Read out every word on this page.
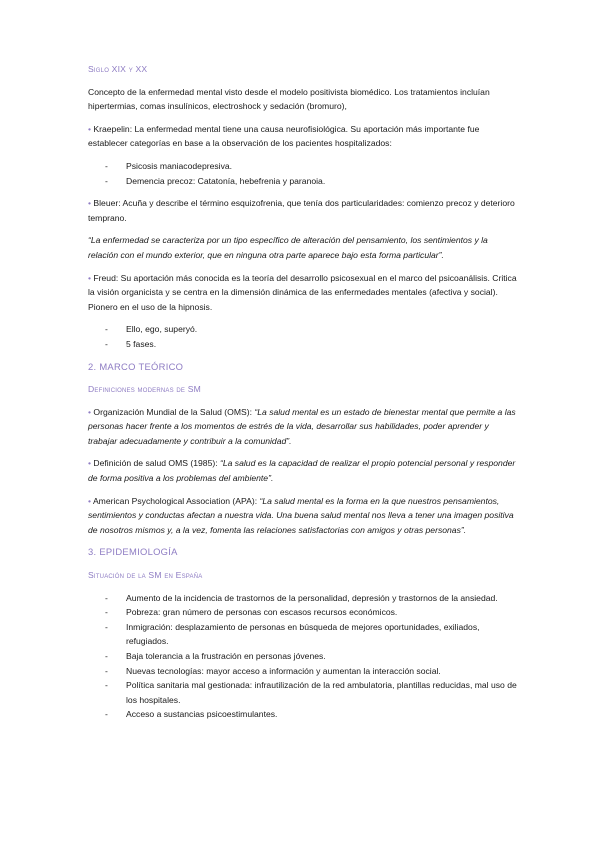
Siglo XIX y XX

Concepto de la enfermedad mental visto desde el modelo positivista biomédico. Los tratamientos incluían hipertermias, comas insulínicos, electroshock y sedación (bromuro),

• Kraepelin: La enfermedad mental tiene una causa neurofisiológica. Su aportación más importante fue establecer categorías en base a la observación de los pacientes hospitalizados:

- Psicosis maniacodepresiva.
- Demencia precoz: Catatonía, hebefrenia y paranoia.

• Bleuer: Acuña y describe el término esquizofrenia, que tenía dos particularidades: comienzo precoz y deterioro temprano.

“La enfermedad se caracteriza por un tipo específico de alteración del pensamiento, los sentimientos y la relación con el mundo exterior, que en ninguna otra parte aparece bajo esta forma particular”.

• Freud: Su aportación más conocida es la teoría del desarrollo psicosexual en el marco del psicoanálisis. Critica la visión organicista y se centra en la dimensión dinámica de las enfermedades mentales (afectiva y social). Pionero en el uso de la hipnosis.

- Ello, ego, superyó.
- 5 fases.

2. MARCO TEÓRICO

Definiciones modernas de SM

• Organización Mundial de la Salud (OMS): “La salud mental es un estado de bienestar mental que permite a las personas hacer frente a los momentos de estrés de la vida, desarrollar sus habilidades, poder aprender y trabajar adecuadamente y contribuir a la comunidad”.

• Definición de salud OMS (1985): “La salud es la capacidad de realizar el propio potencial personal y responder de forma positiva a los problemas del ambiente”.

• American Psychological Association (APA): “La salud mental es la forma en la que nuestros pensamientos, sentimientos y conductas afectan a nuestra vida. Una buena salud mental nos lleva a tener una imagen positiva de nosotros mismos y, a la vez, fomenta las relaciones satisfactorias con amigos y otras personas”.

3. EPIDEMIOLOGÍA

Situación de la SM en España

- Aumento de la incidencia de trastornos de la personalidad, depresión y trastornos de la ansiedad.
- Pobreza: gran número de personas con escasos recursos económicos.
- Inmigración: desplazamiento de personas en búsqueda de mejores oportunidades, exiliados, refugiados.
- Baja tolerancia a la frustración en personas jóvenes.
- Nuevas tecnologías: mayor acceso a información y aumentan la interacción social.
- Política sanitaria mal gestionada: infrautilización de la red ambulatoria, plantillas reducidas, mal uso de los hospitales.
- Acceso a sustancias psicoestimulantes.
